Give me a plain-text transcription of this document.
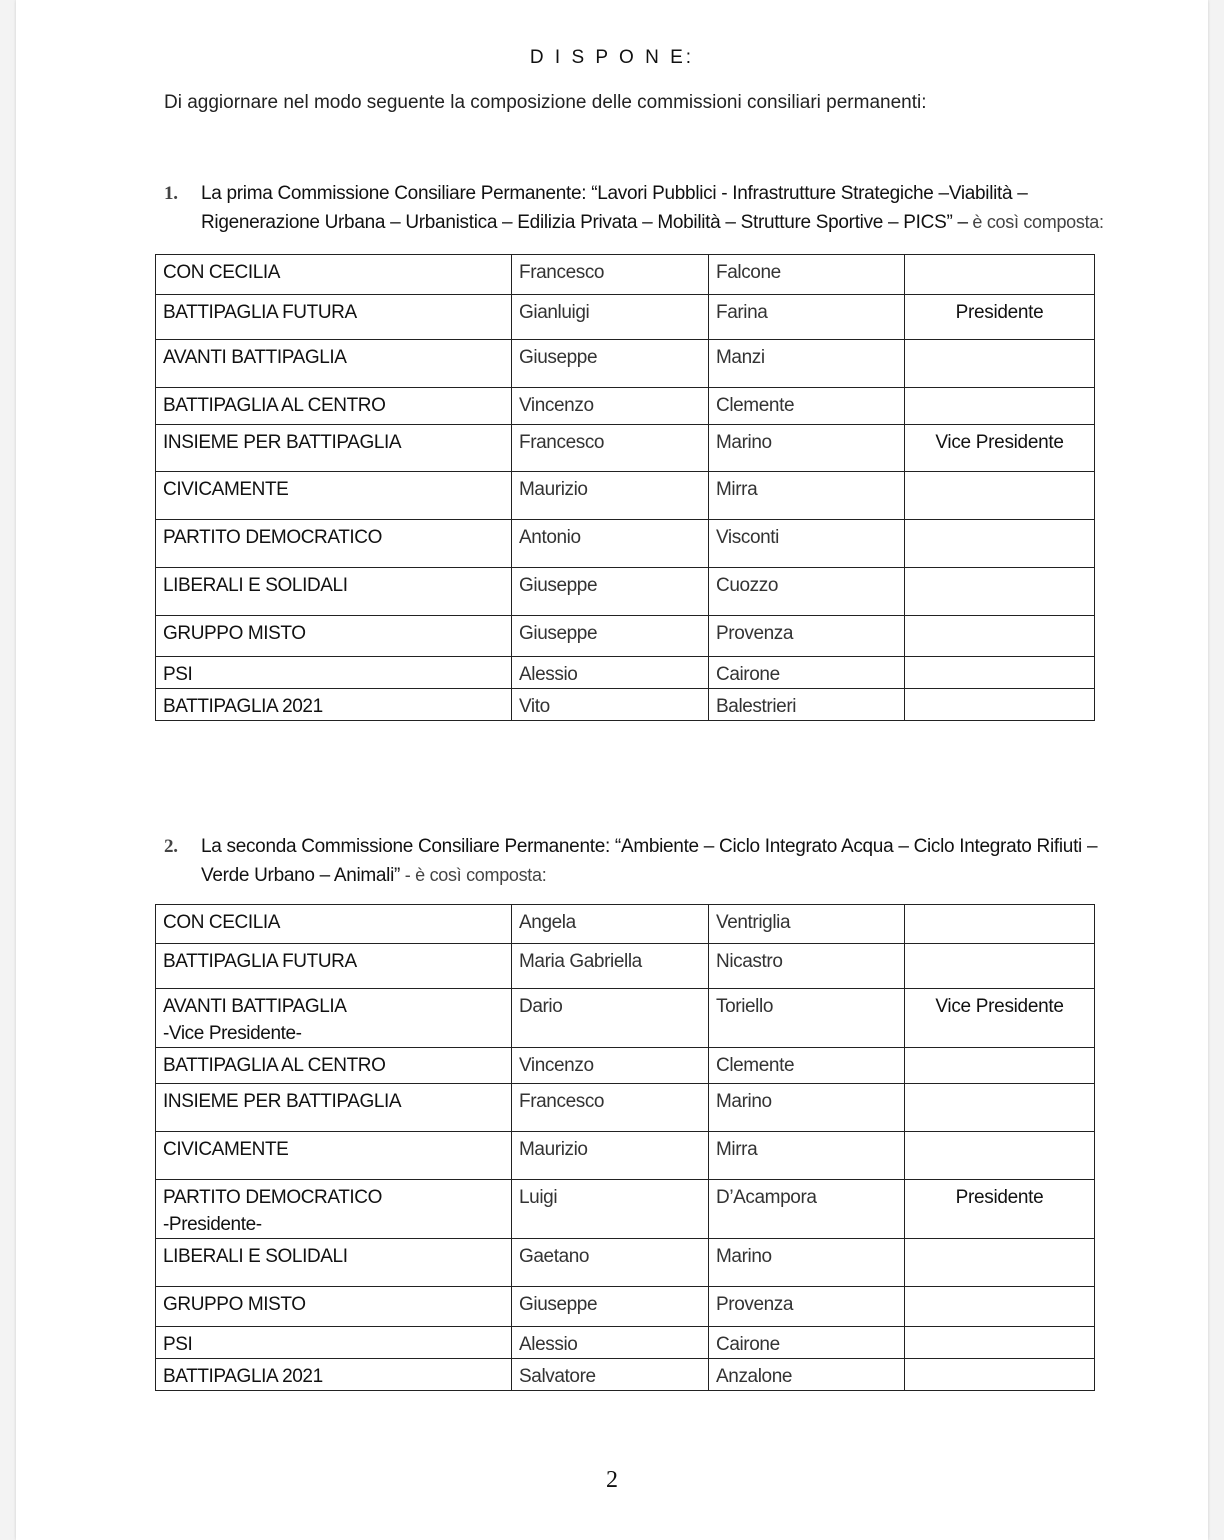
D I S P O N E:
Di aggiornare nel modo seguente la composizione delle commissioni consiliari permanenti:
1.	La prima Commissione Consiliare Permanente: “Lavori Pubblici - Infrastrutture Strategiche –Viabilità – Rigenerazione Urbana – Urbanistica – Edilizia Privata – Mobilità – Strutture Sportive – PICS” – è così composta:
CON CECILIA	Francesco	Falcone	

BATTIPAGLIA FUTURA	Gianluigi	Farina	Presidente

AVANTI BATTIPAGLIA	Giuseppe	Manzi	

BATTIPAGLIA AL CENTRO	Vincenzo	Clemente	

INSIEME PER BATTIPAGLIA	Francesco	Marino	Vice Presidente

CIVICAMENTE	Maurizio	Mirra	

PARTITO DEMOCRATICO	Antonio	Visconti	

LIBERALI E SOLIDALI	Giuseppe	Cuozzo	

GRUPPO MISTO	Giuseppe	Provenza	

PSI	Alessio	Cairone	

BATTIPAGLIA 2021	Vito	Balestrieri	
2.	La seconda Commissione Consiliare Permanente: “Ambiente – Ciclo Integrato Acqua – Ciclo Integrato Rifiuti – Verde Urbano – Animali” - è così composta:
CON CECILIA	Angela	Ventriglia	

BATTIPAGLIA FUTURA	Maria Gabriella	Nicastro	

AVANTI BATTIPAGLIA
-Vice Presidente-	Dario	Toriello	Vice Presidente

BATTIPAGLIA AL CENTRO	Vincenzo	Clemente	

INSIEME PER BATTIPAGLIA	Francesco	Marino	

CIVICAMENTE	Maurizio	Mirra	

PARTITO DEMOCRATICO
-Presidente-	Luigi	D’Acampora	Presidente

LIBERALI E SOLIDALI	Gaetano	Marino	

GRUPPO MISTO	Giuseppe	Provenza	

PSI	Alessio	Cairone	

BATTIPAGLIA 2021	Salvatore	Anzalone	
2
